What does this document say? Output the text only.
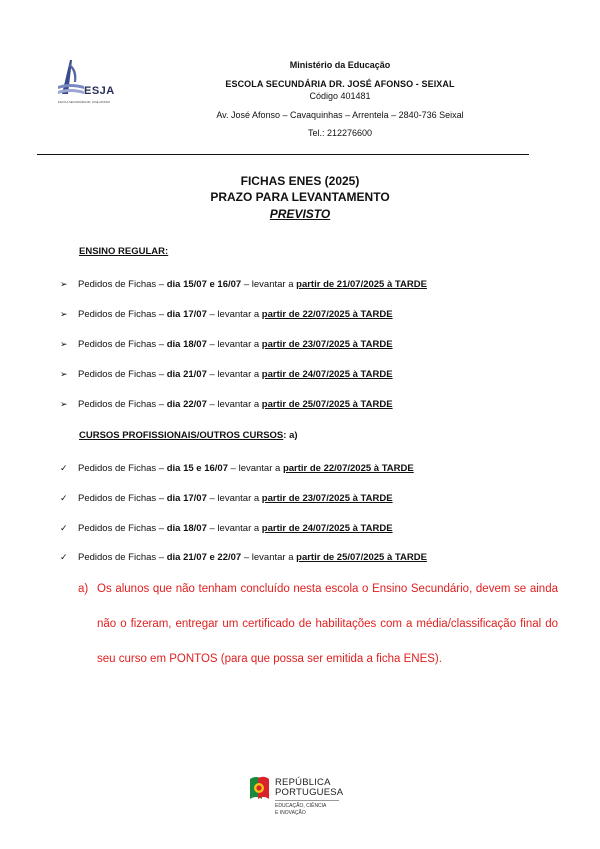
ESJA
ESCOLA SECUNDÁRIA DR. JOSÉ AFONSO
Ministério da Educação
ESCOLA SECUNDÁRIA DR. JOSÉ AFONSO - SEIXAL
Código 401481
Av. José Afonso – Cavaquinhas – Arrentela – 2840-736 Seixal
Tel.: 212276600
FICHAS ENES (2025)
PRAZO PARA LEVANTAMENTO
PREVISTO
ENSINO REGULAR:
➢ Pedidos de Fichas – dia 15/07 e 16/07 – levantar a partir de 21/07/2025 à TARDE
➢ Pedidos de Fichas – dia 17/07 – levantar a partir de 22/07/2025 à TARDE
➢ Pedidos de Fichas – dia 18/07 – levantar a partir de 23/07/2025 à TARDE
➢ Pedidos de Fichas – dia 21/07 – levantar a partir de 24/07/2025 à TARDE
➢ Pedidos de Fichas – dia 22/07 – levantar a partir de 25/07/2025 à TARDE
CURSOS PROFISSIONAIS/OUTROS CURSOS: a)
✓ Pedidos de Fichas – dia 15 e 16/07 – levantar a partir de 22/07/2025 à TARDE
✓ Pedidos de Fichas – dia 17/07 – levantar a partir de 23/07/2025 à TARDE
✓ Pedidos de Fichas – dia 18/07 – levantar a partir de 24/07/2025 à TARDE
✓ Pedidos de Fichas – dia 21/07 e 22/07 – levantar a partir de 25/07/2025 à TARDE
a) Os alunos que não tenham concluído nesta escola o Ensino Secundário, devem se ainda não o fizeram, entregar um certificado de habilitações com a média/classificação final do seu curso em PONTOS (para que possa ser emitida a ficha ENES).
REPÚBLICA
PORTUGUESA
EDUCAÇÃO, CIÊNCIA
E INOVAÇÃO
